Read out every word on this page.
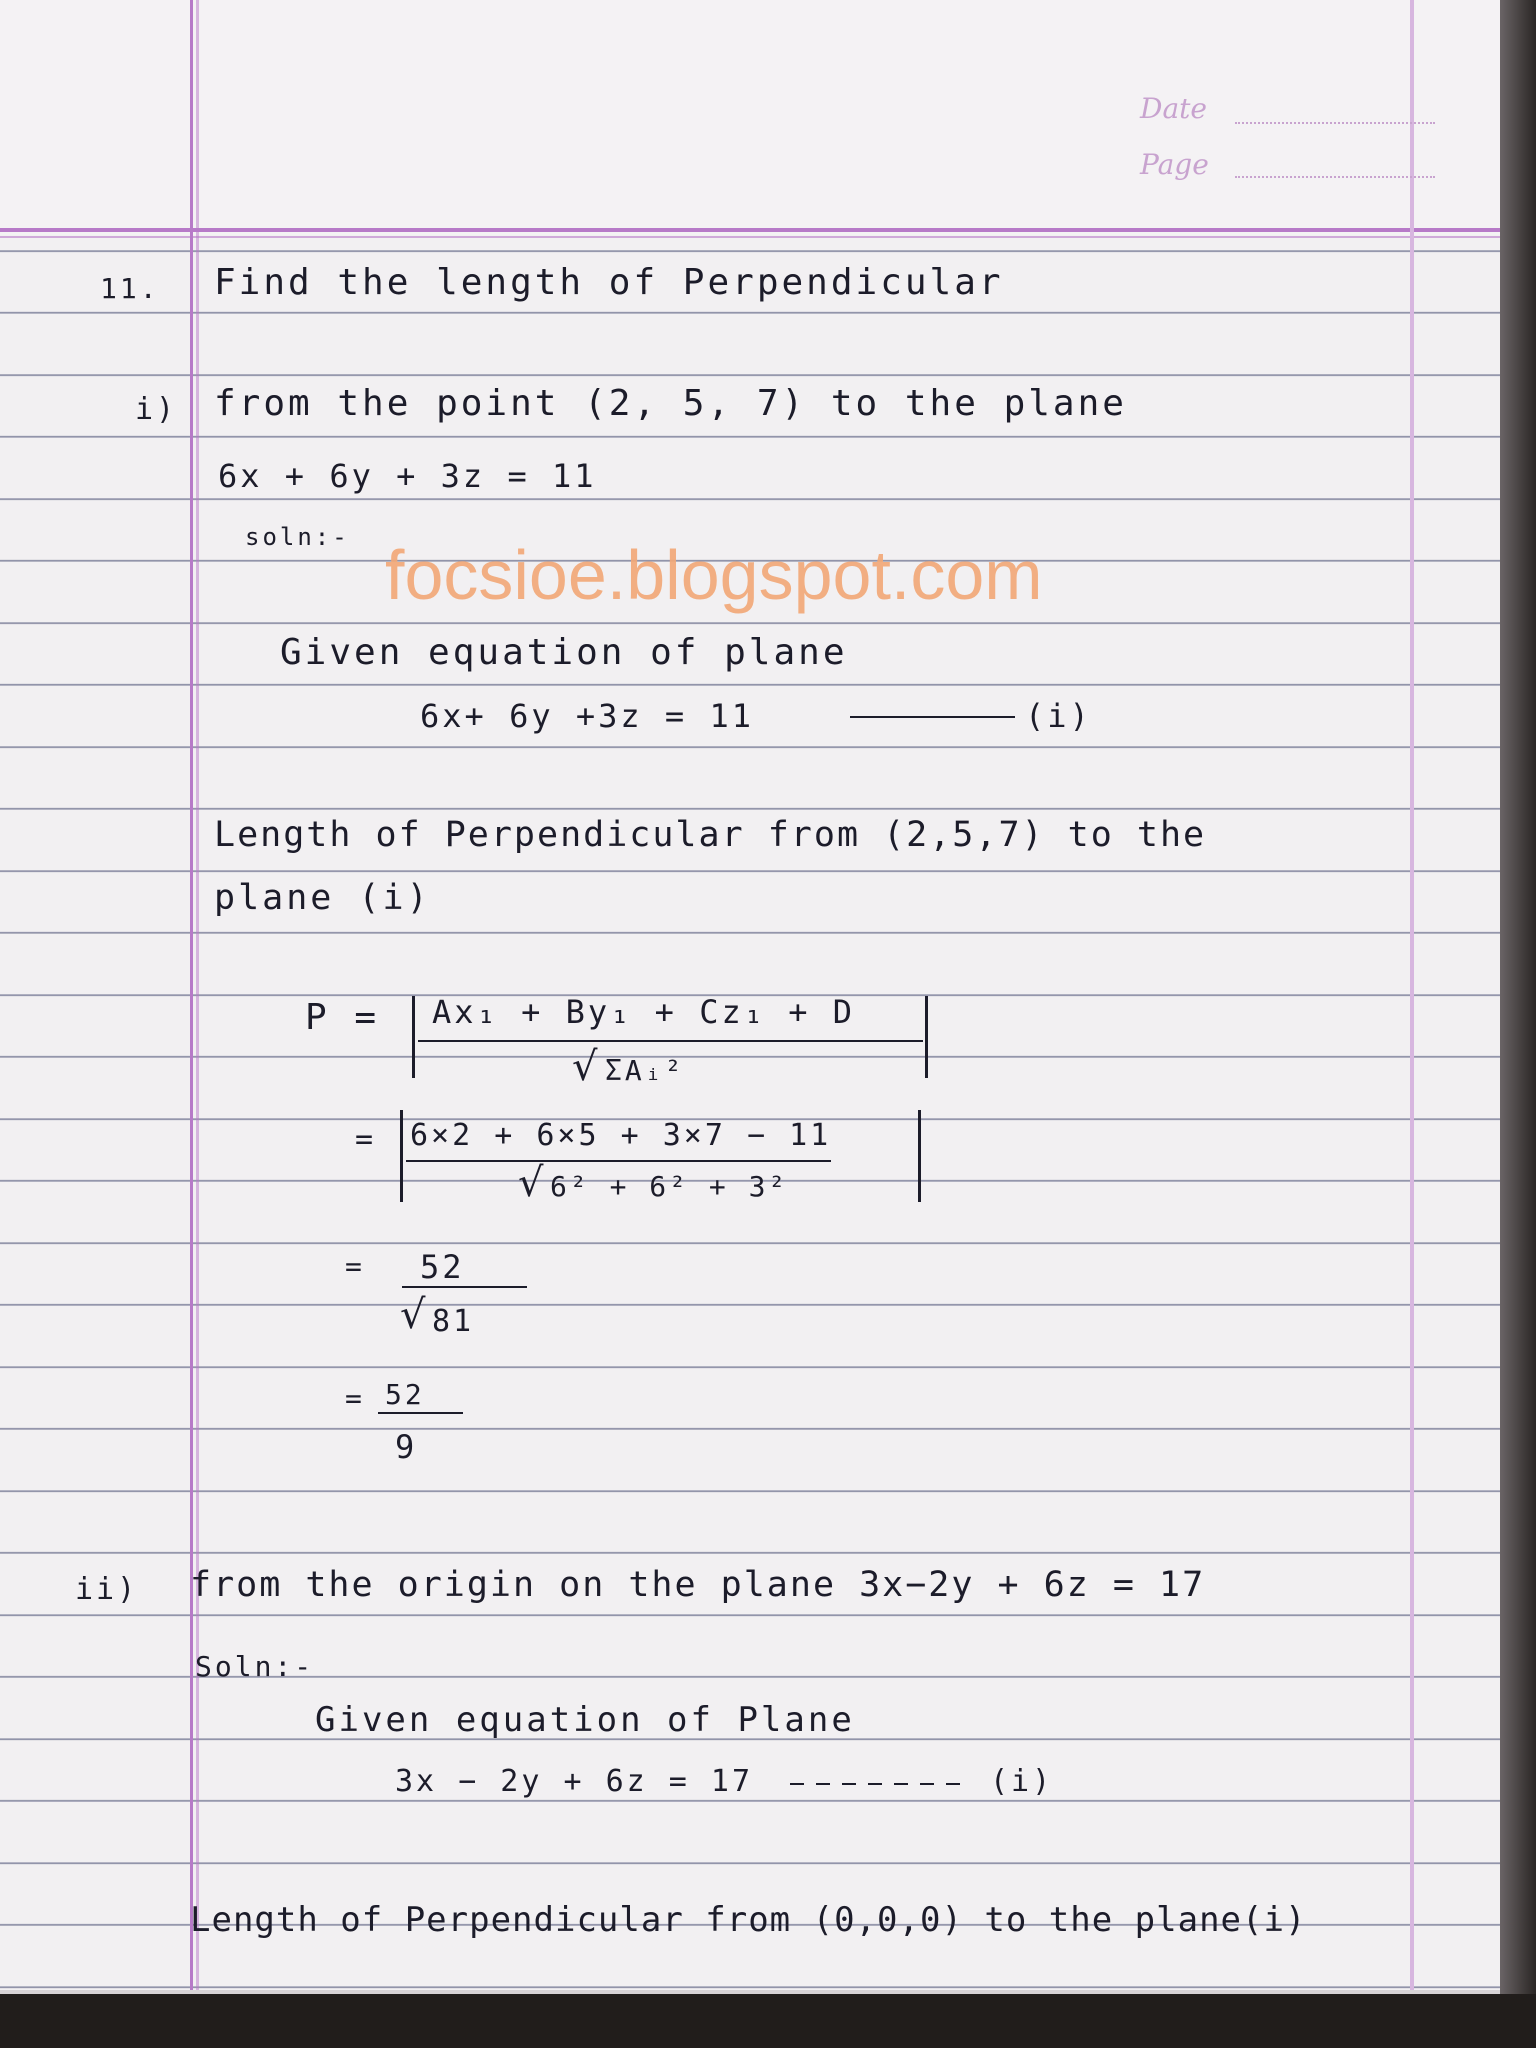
Date
Page
focsioe.blogspot.com
11. Find the length of Perpendicular
i) from the point (2, 5, 7) to the plane
6x + 6y + 3z = 11
soln:-
Given equation of plane
6x+ 6y +3z = 11	(i)
Length of Perpendicular from (2,5,7) to the
plane (i)
P = Ax₁ + By₁ + Cz₁ + D
√ ΣAᵢ²
= 6×2 + 6×5 + 3×7 − 11
√ 6² + 6² + 3²
= 52
√ 81
= 52
9
ii) from the origin on the plane 3x−2y + 6z = 17
Soln:-
Given equation of Plane
3x − 2y + 6z = 17	(i)
Length of Perpendicular from (0,0,0) to the plane(i)
